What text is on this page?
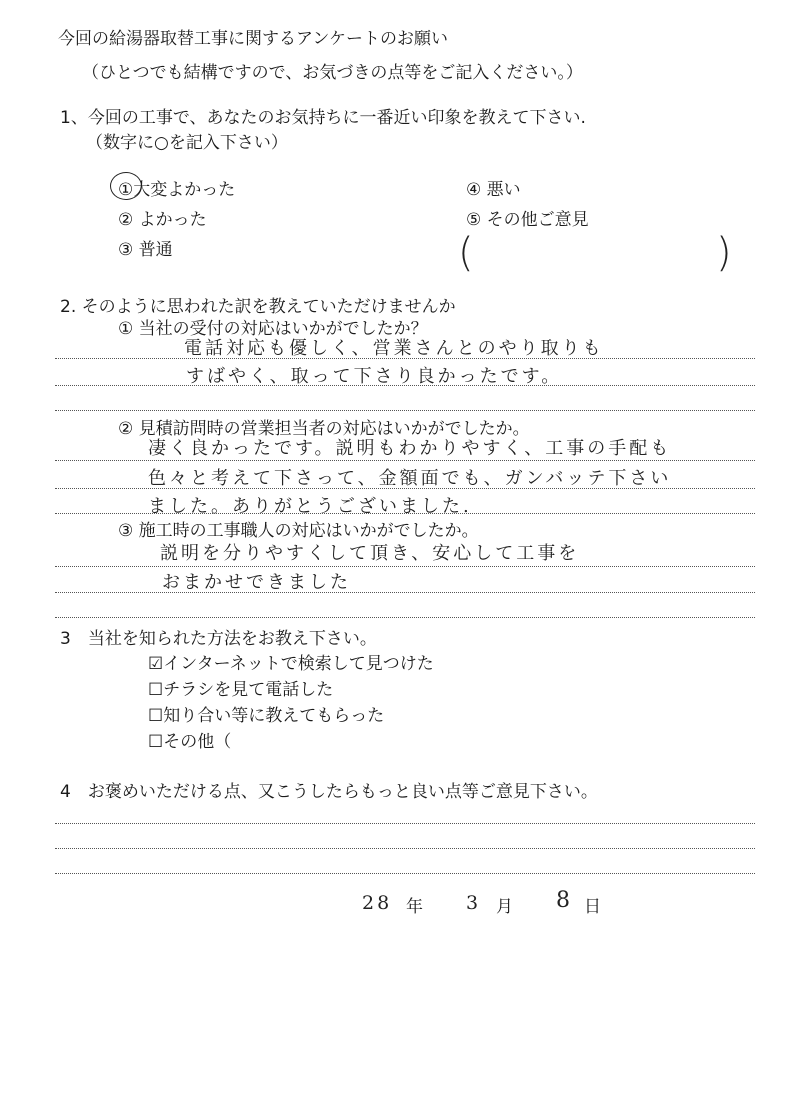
今回の給湯器取替工事に関するアンケートのお願い
（ひとつでも結構ですので、お気づきの点等をご記入ください。）
1、今回の工事で、あなたのお気持ちに一番近い印象を教えて下さい.
（数字に○を記入下さい）
①大変よかった
② よかった
③ 普通
④ 悪い
⑤ その他ご意見
(	)
2. そのように思われた訳を教えていただけませんか
① 当社の受付の対応はいかがでしたか？
電話対応も優しく、営業さんとのやり取りも
すばやく、取って下さり良かったです。
② 見積訪問時の営業担当者の対応はいかがでしたか。
凄く良かったです。説明もわかりやすく、工事の手配も
色々と考えて下さって、金額面でも、ガンバッテ下さい
ました。ありがとうございました.
③ 施工時の工事職人の対応はいかがでしたか。
説明を分りやすくして頂き、安心して工事を
おまかせできました
3　当社を知られた方法をお教え下さい。
☑インターネットで検索して見つけた
☐チラシを見て電話した
☐知り合い等に教えてもらった
☐その他（
4　お褒めいただける点、又こうしたらもっと良い点等ご意見下さい。
28 年 3 月 8 日
